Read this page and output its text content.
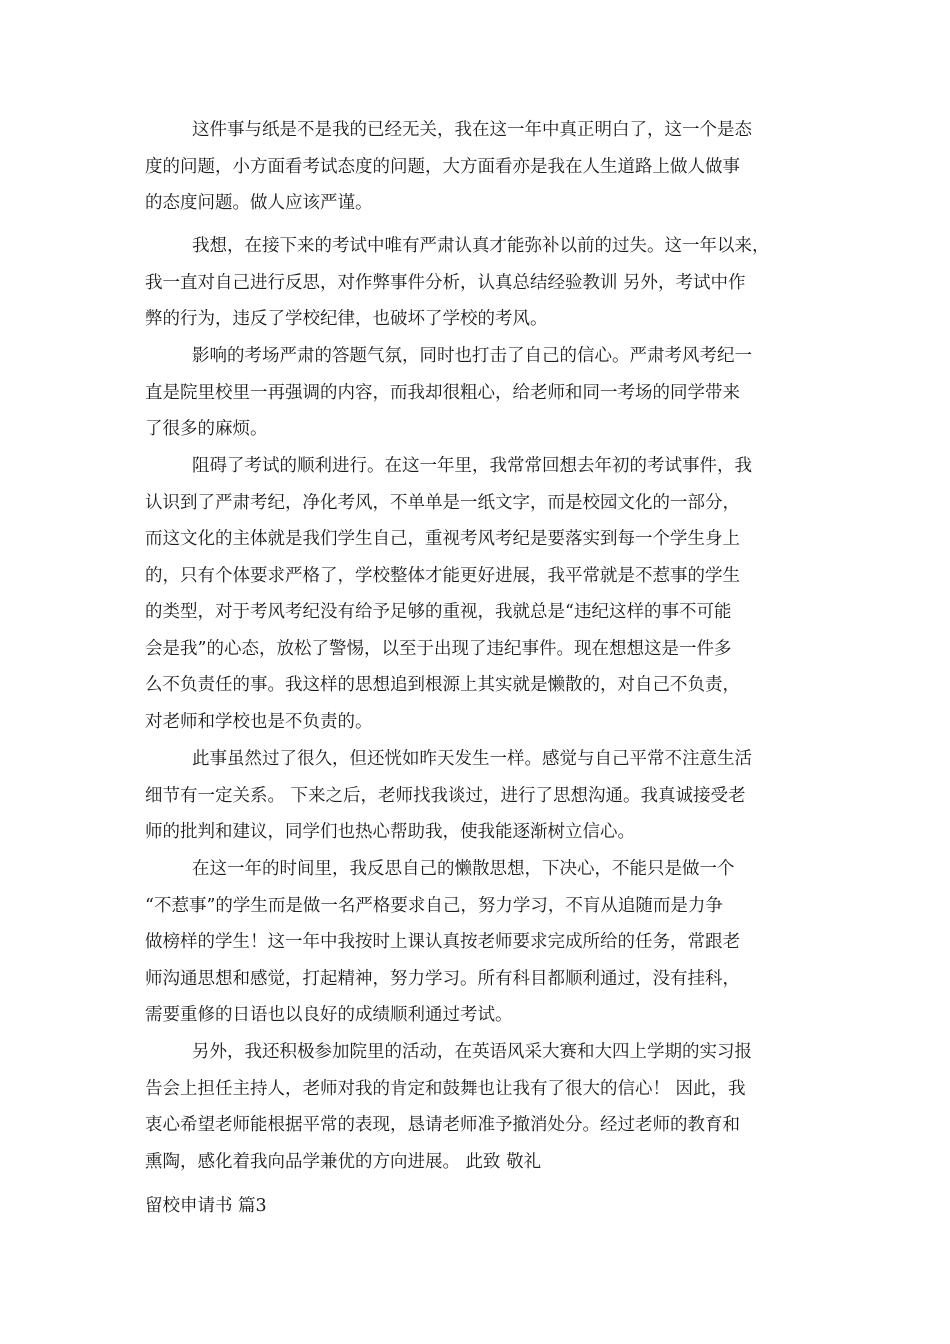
这件事与纸是不是我的已经无关，我在这一年中真正明白了，这一个是态
度的问题，小方面看考试态度的问题，大方面看亦是我在人生道路上做人做事
的态度问题。做人应该严谨。
我想，在接下来的考试中唯有严肃认真才能弥补以前的过失。这一年以来，
我一直对自己进行反思，对作弊事件分析，认真总结经验教训 另外，考试中作
弊的行为，违反了学校纪律，也破坏了学校的考风。
影响的考场严肃的答题气氛，同时也打击了自己的信心。严肃考风考纪一
直是院里校里一再强调的内容，而我却很粗心，给老师和同一考场的同学带来
了很多的麻烦。
阻碍了考试的顺利进行。在这一年里，我常常回想去年初的考试事件，我
认识到了严肃考纪，净化考风，不单单是一纸文字，而是校园文化的一部分，
而这文化的主体就是我们学生自己，重视考风考纪是要落实到每一个学生身上
的，只有个体要求严格了，学校整体才能更好进展，我平常就是不惹事的学生
的类型，对于考风考纪没有给予足够的重视，我就总是“违纪这样的事不可能
会是我”的心态，放松了警惕，以至于出现了违纪事件。现在想想这是一件多
么不负责任的事。我这样的思想追到根源上其实就是懒散的，对自己不负责，
对老师和学校也是不负责的。
此事虽然过了很久，但还恍如昨天发生一样。感觉与自己平常不注意生活
细节有一定关系。 下来之后，老师找我谈过，进行了思想沟通。我真诚接受老
师的批判和建议，同学们也热心帮助我，使我能逐渐树立信心。
在这一年的时间里，我反思自己的懒散思想，下决心，不能只是做一个
“不惹事”的学生而是做一名严格要求自己，努力学习，不肓从追随而是力争
做榜样的学生！这一年中我按时上课认真按老师要求完成所给的任务，常跟老
师沟通思想和感觉，打起精神，努力学习。所有科目都顺利通过，没有挂科，
需要重修的日语也以良好的成绩顺利通过考试。
另外，我还积极参加院里的活动，在英语风采大赛和大四上学期的实习报
告会上担任主持人，老师对我的肯定和鼓舞也让我有了很大的信心！ 因此，我
衷心希望老师能根据平常的表现，恳请老师准予撤消处分。经过老师的教育和
熏陶，感化着我向品学兼优的方向进展。 此致 敬礼
留校申请书 篇3
